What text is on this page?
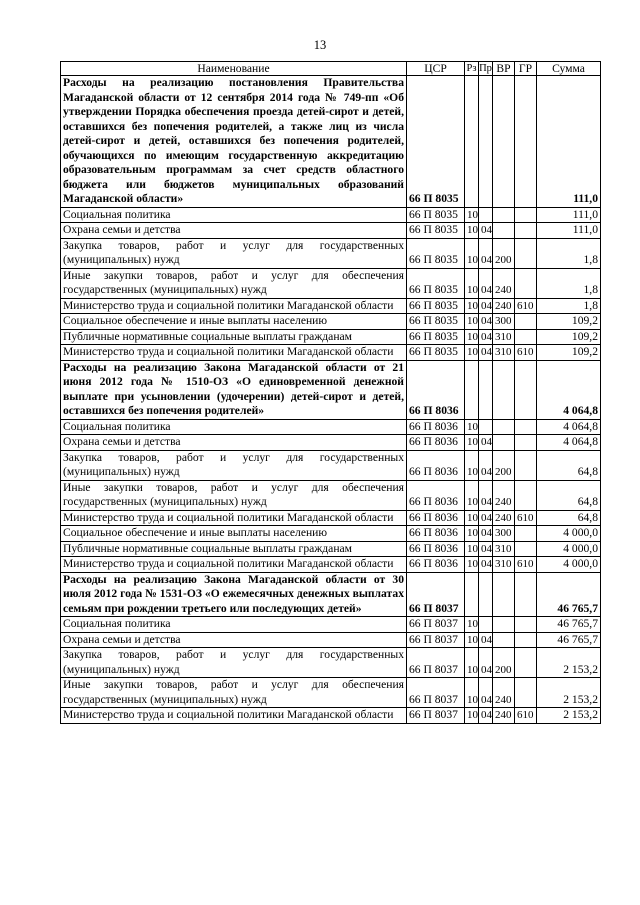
13
Наименование	ЦСР	Рз	Пр	ВР	ГР	Сумма
Расходы на реализацию постановления Правительства Магаданской области от 12 сентября 2014 года № 749-пп «Об утверждении Порядка обеспечения проезда детей-сирот и детей, оставшихся без попечения родителей, а также лиц из числа детей-сирот и детей, оставшихся без попечения родителей, обучающихся по имеющим государственную аккредитацию образовательным программам за счет средств областного бюджета или бюджетов муниципальных образований Магаданской области»	66 П 8035					111,0
Социальная политика	66 П 8035	10				111,0
Охрана семьи и детства	66 П 8035	10	04			111,0
Закупка товаров, работ и услуг для государственных (муниципальных) нужд	66 П 8035	10	04	200		1,8
Иные закупки товаров, работ и услуг для обеспечения государственных (муниципальных) нужд	66 П 8035	10	04	240		1,8
Министерство труда и социальной политики Магаданской области	66 П 8035	10	04	240	610	1,8
Социальное обеспечение и иные выплаты населению	66 П 8035	10	04	300		109,2
Публичные нормативные социальные выплаты гражданам	66 П 8035	10	04	310		109,2
Министерство труда и социальной политики Магаданской области	66 П 8035	10	04	310	610	109,2
Расходы на реализацию Закона Магаданской области от 21 июня 2012 года № 1510-ОЗ «О единовременной денежной выплате при усыновлении (удочерении) детей-сирот и детей, оставшихся без попечения родителей»	66 П 8036					4 064,8
Социальная политика	66 П 8036	10				4 064,8
Охрана семьи и детства	66 П 8036	10	04			4 064,8
Закупка товаров, работ и услуг для государственных (муниципальных) нужд	66 П 8036	10	04	200		64,8
Иные закупки товаров, работ и услуг для обеспечения государственных (муниципальных) нужд	66 П 8036	10	04	240		64,8
Министерство труда и социальной политики Магаданской области	66 П 8036	10	04	240	610	64,8
Социальное обеспечение и иные выплаты населению	66 П 8036	10	04	300		4 000,0
Публичные нормативные социальные выплаты гражданам	66 П 8036	10	04	310		4 000,0
Министерство труда и социальной политики Магаданской области	66 П 8036	10	04	310	610	4 000,0
Расходы на реализацию Закона Магаданской области от 30 июля 2012 года № 1531-ОЗ «О ежемесячных денежных выплатах семьям при рождении третьего или последующих детей»	66 П 8037					46 765,7
Социальная политика	66 П 8037	10				46 765,7
Охрана семьи и детства	66 П 8037	10	04			46 765,7
Закупка товаров, работ и услуг для государственных (муниципальных) нужд	66 П 8037	10	04	200		2 153,2
Иные закупки товаров, работ и услуг для обеспечения государственных (муниципальных) нужд	66 П 8037	10	04	240		2 153,2
Министерство труда и социальной политики Магаданской области	66 П 8037	10	04	240	610	2 153,2
